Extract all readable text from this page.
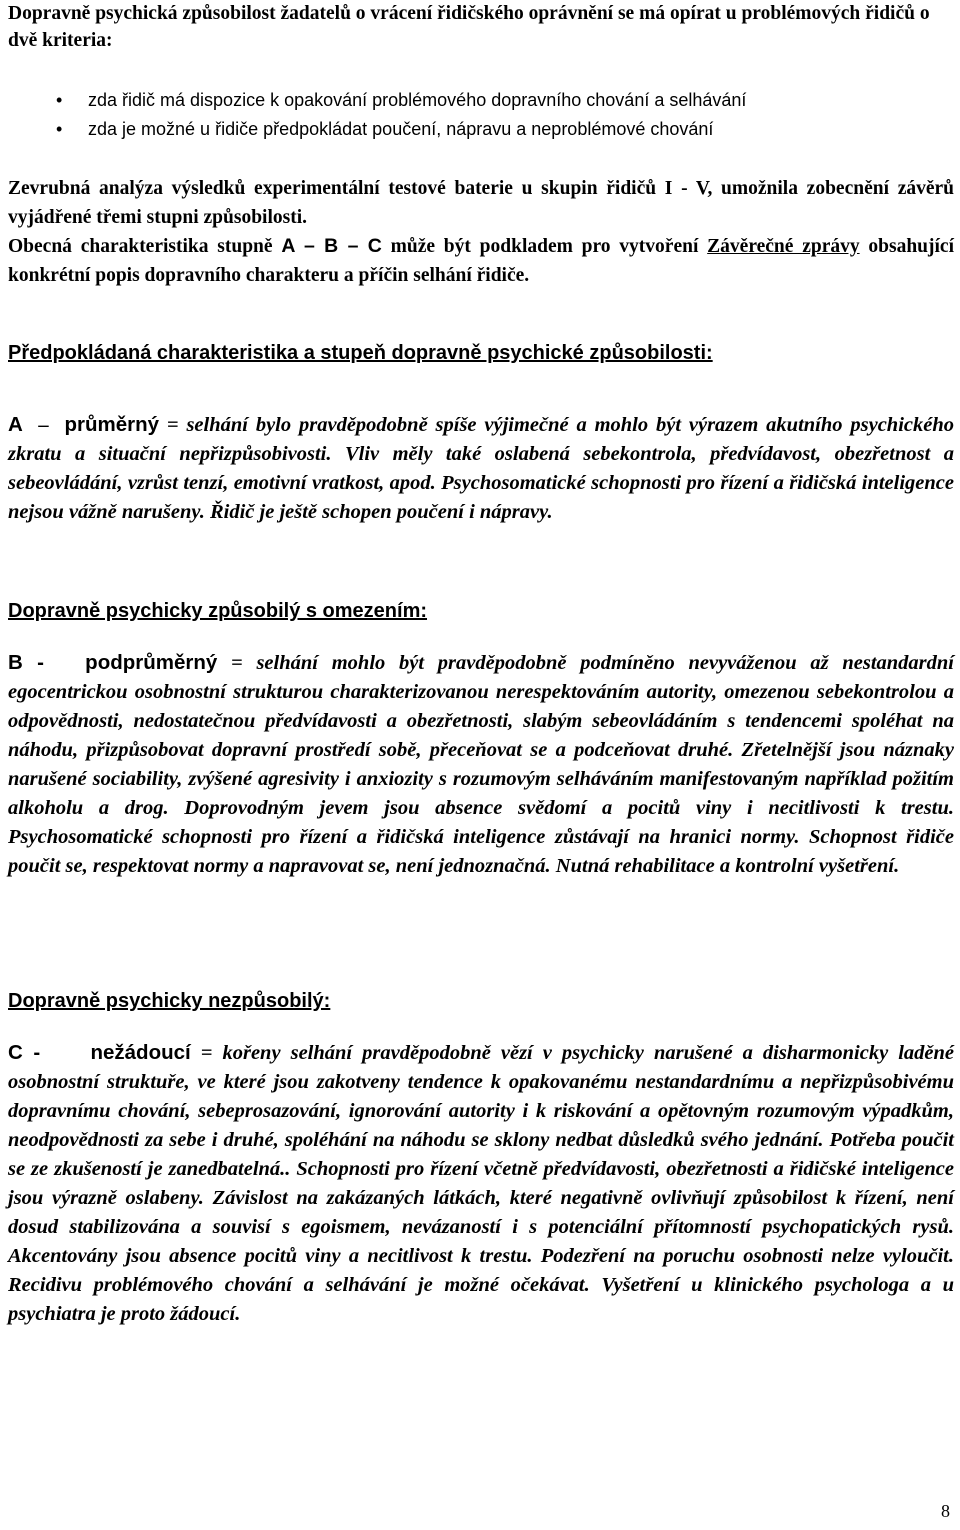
Dopravně psychická způsobilost žadatelů o vrácení řidičského oprávnění se má opírat u problémových řidičů o dvě kriteria:

• zda řidič má dispozice k opakování problémového dopravního chování a selhávání
• zda je možné u řidiče předpokládat poučení, nápravu a neproblémové chování

Zevrubná analýza výsledků experimentální testové baterie u skupin řidičů I - V, umožnila zobecnění závěrů vyjádřené třemi stupni způsobilosti.

Obecná charakteristika stupně A – B – C může být podkladem pro vytvoření Závěrečné zprávy obsahující konkrétní popis dopravního charakteru a příčin selhání řidiče.

Předpokládaná charakteristika a stupeň dopravně psychické způsobilosti:

A  –  průměrný = selhání bylo pravděpodobně spíše výjimečné a mohlo být výrazem akutního psychického zkratu a situační nepřizpůsobivosti. Vliv měly také oslabená sebekontrola, předvídavost, obezřetnost a sebeovládání, vzrůst tenzí, emotivní vratkost, apod. Psychosomatické schopnosti pro řízení a řidičská inteligence nejsou vážně narušeny. Řidič je ještě schopen poučení i nápravy.

Dopravně psychicky způsobilý s omezením:

B - podprůměrný = selhání mohlo být pravděpodobně podmíněno nevyváženou až nestandardní egocentrickou osobnostní strukturou charakterizovanou nerespektováním autority, omezenou sebekontrolou a odpovědnosti, nedostatečnou předvídavosti a obezřetnosti, slabým sebeovládáním s tendencemi spoléhat na náhodu, přizpůsobovat dopravní prostředí sobě, přeceňovat se a podceňovat druhé. Zřetelnější jsou náznaky narušené sociability, zvýšené agresivity i anxiozity s rozumovým selháváním manifestovaným například požitím alkoholu a drog. Doprovodným jevem jsou absence svědomí a pocitů viny i necitlivosti k trestu. Psychosomatické schopnosti pro řízení a řidičská inteligence zůstávají na hranici normy. Schopnost řidiče poučit se, respektovat normy a napravovat se, není jednoznačná. Nutná rehabilitace a kontrolní vyšetření.

Dopravně psychicky nezpůsobilý:

C - nežádoucí = kořeny selhání pravděpodobně vězí v psychicky narušené a disharmonicky laděné osobnostní struktuře, ve které jsou zakotveny tendence k opakovanému nestandardnímu a nepřizpůsobivému dopravnímu chování, sebeprosazování, ignorování autority i k riskování a opětovným rozumovým výpadkům, neodpovědnosti za sebe i druhé, spoléhání na náhodu se sklony nedbat důsledků svého jednání. Potřeba poučit se ze zkušeností je zanedbatelná.. Schopnosti pro řízení včetně předvídavosti, obezřetnosti a řidičské inteligence jsou výrazně oslabeny. Závislost na zakázaných látkách, které negativně ovlivňují způsobilost k řízení, není dosud stabilizována a souvisí s egoismem, nevázaností i s potenciální přítomností psychopatických rysů. Akcentovány jsou absence pocitů viny a necitlivost k trestu. Podezření na poruchu osobnosti nelze vyloučit. Recidivu problémového chování a selhávání je možné očekávat. Vyšetření u klinického psychologa a u psychiatra je proto žádoucí.

8
